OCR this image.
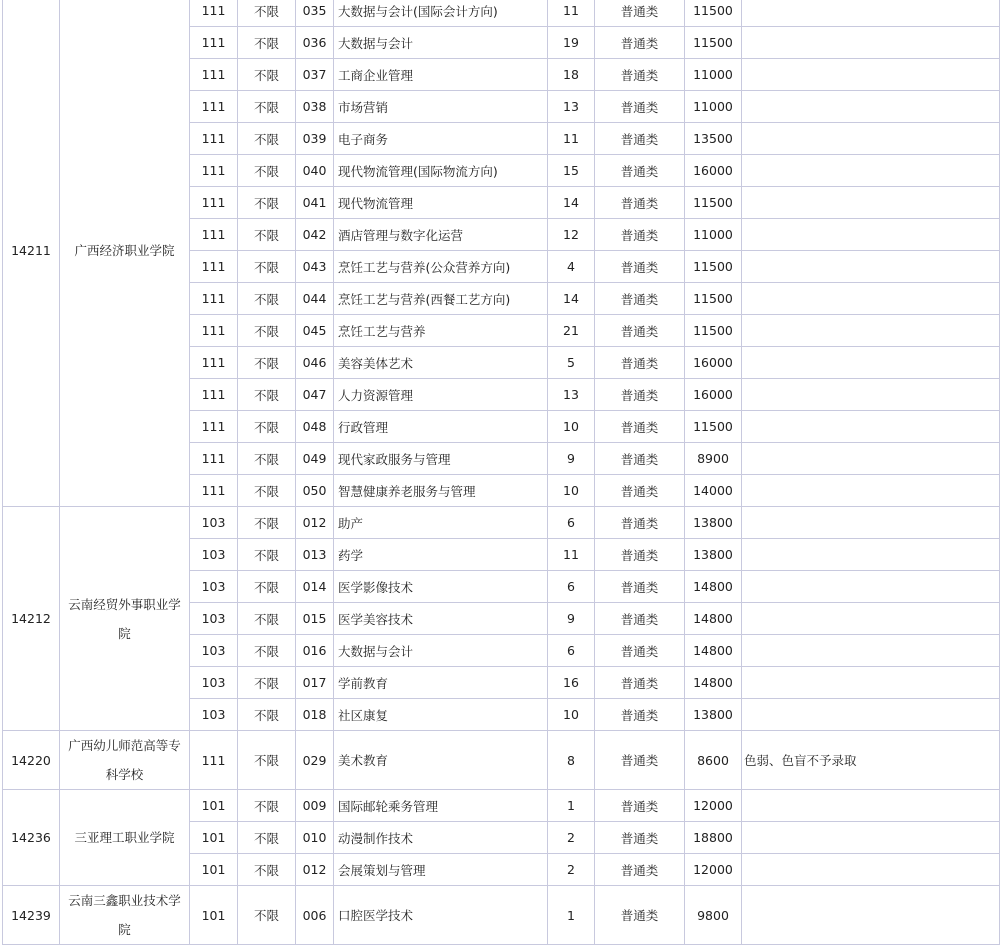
14211	广西经济职业学院	111	不限	035	大数据与会计(国际会计方向)	11	普通类	11500	
		111	不限	036	大数据与会计	19	普通类	11500	
		111	不限	037	工商企业管理	18	普通类	11000	
		111	不限	038	市场营销	13	普通类	11000	
		111	不限	039	电子商务	11	普通类	13500	
		111	不限	040	现代物流管理(国际物流方向)	15	普通类	16000	
		111	不限	041	现代物流管理	14	普通类	11500	
		111	不限	042	酒店管理与数字化运营	12	普通类	11000	
		111	不限	043	烹饪工艺与营养(公众营养方向)	4	普通类	11500	
		111	不限	044	烹饪工艺与营养(西餐工艺方向)	14	普通类	11500	
		111	不限	045	烹饪工艺与营养	21	普通类	11500	
		111	不限	046	美容美体艺术	5	普通类	16000	
		111	不限	047	人力资源管理	13	普通类	16000	
		111	不限	048	行政管理	10	普通类	11500	
		111	不限	049	现代家政服务与管理	9	普通类	8900	
		111	不限	050	智慧健康养老服务与管理	10	普通类	14000	
14212	云南经贸外事职业学院	103	不限	012	助产	6	普通类	13800	
		103	不限	013	药学	11	普通类	13800	
		103	不限	014	医学影像技术	6	普通类	14800	
		103	不限	015	医学美容技术	9	普通类	14800	
		103	不限	016	大数据与会计	6	普通类	14800	
		103	不限	017	学前教育	16	普通类	14800	
		103	不限	018	社区康复	10	普通类	13800	
14220	广西幼儿师范高等专科学校	111	不限	029	美术教育	8	普通类	8600	色弱、色盲不予录取
14236	三亚理工职业学院	101	不限	009	国际邮轮乘务管理	1	普通类	12000	
		101	不限	010	动漫制作技术	2	普通类	18800	
		101	不限	012	会展策划与管理	2	普通类	12000	
14239	云南三鑫职业技术学院	101	不限	006	口腔医学技术	1	普通类	9800	
